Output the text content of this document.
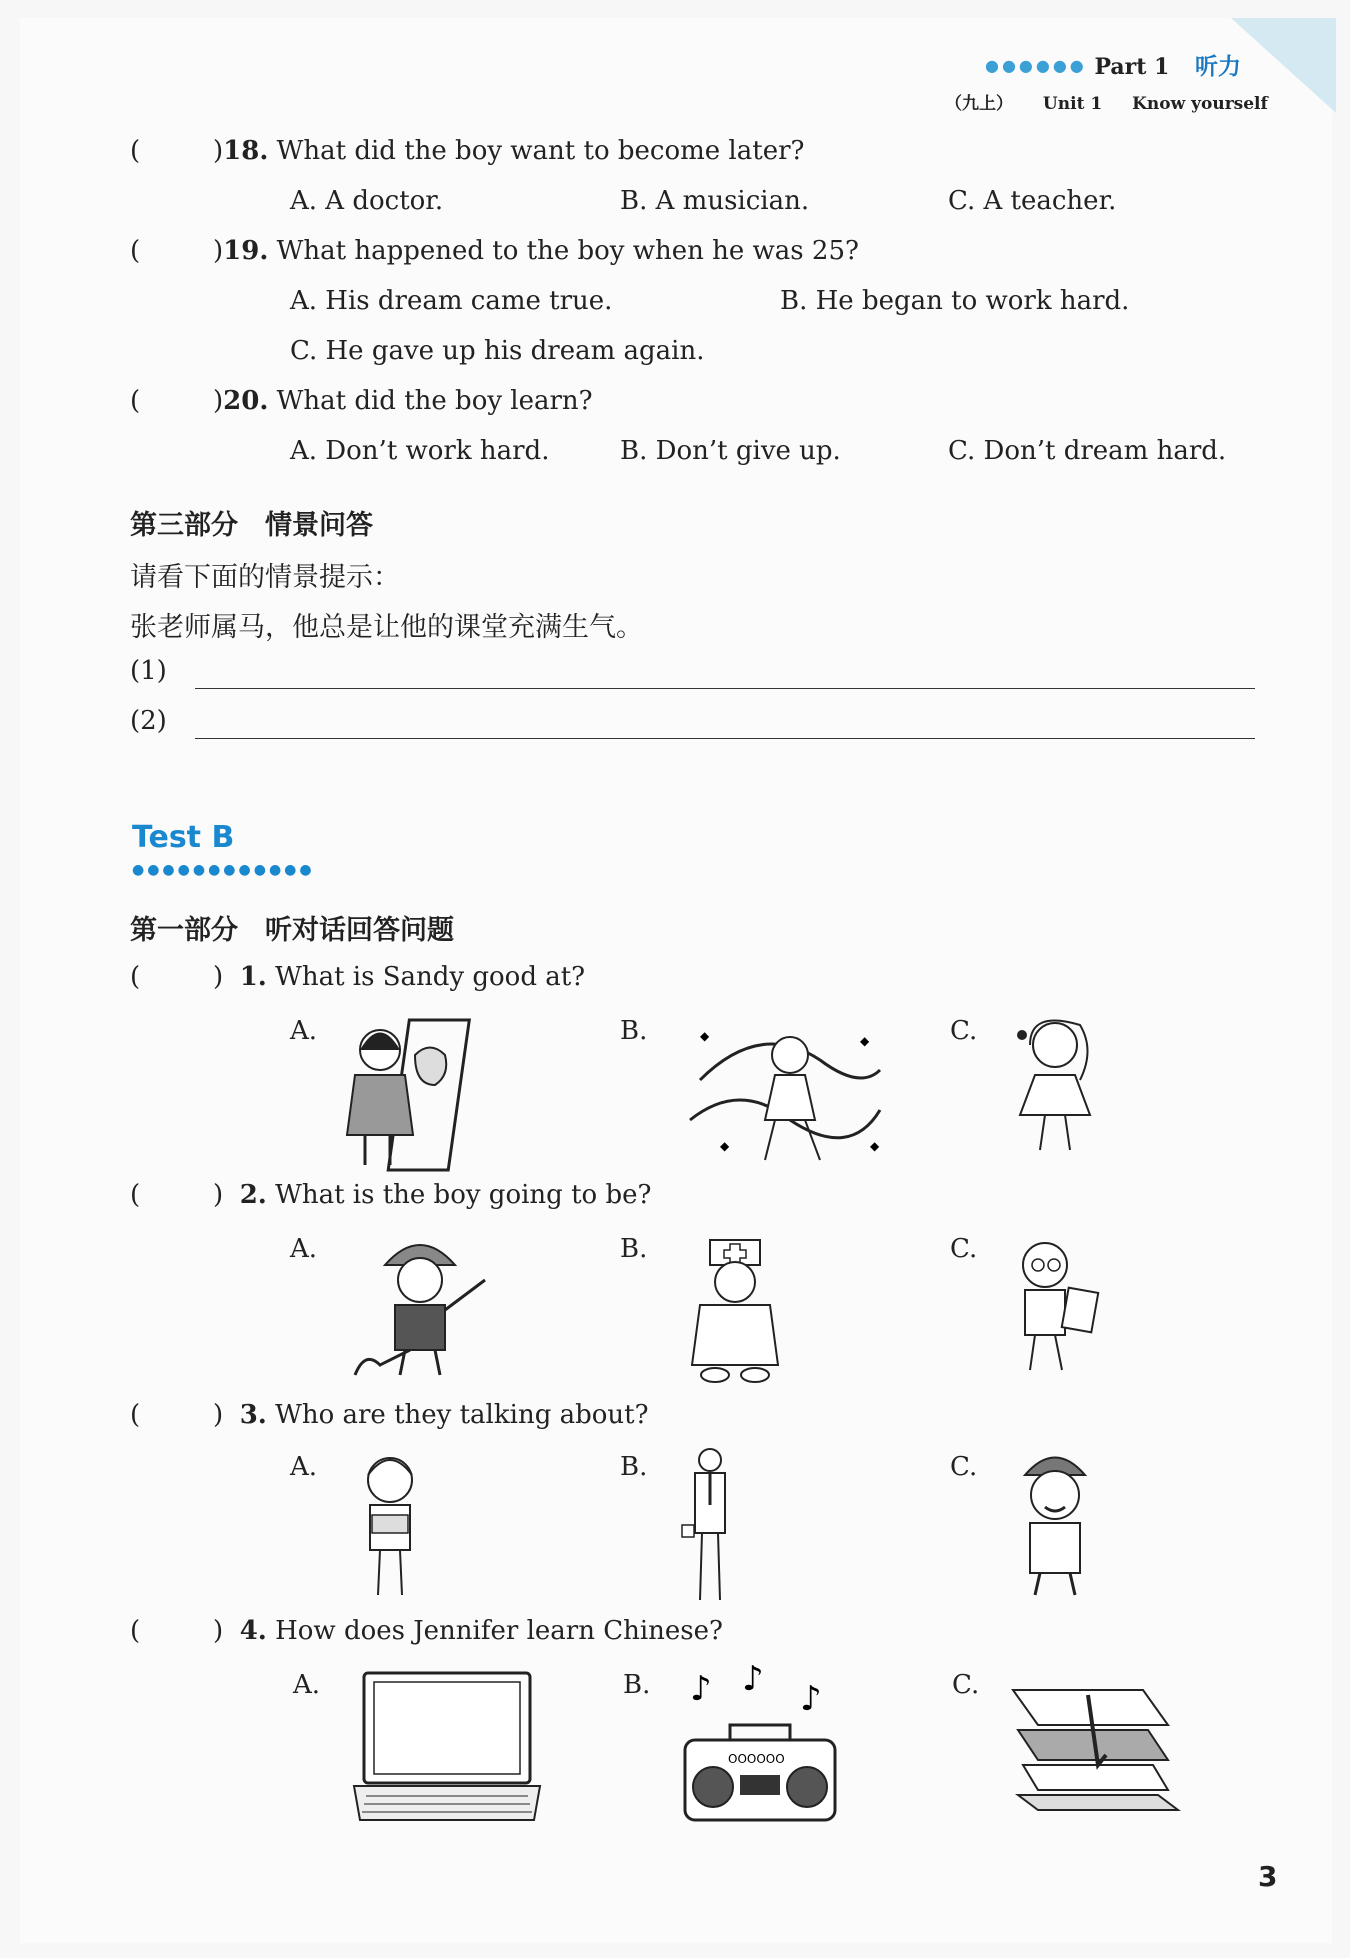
●●●●●● Part 1 听力
（九上） Unit 1 Know yourself
(	)18. What did the boy want to become later?
A. A doctor.	B. A musician.	C. A teacher.
(	)19. What happened to the boy when he was 25?
A. His dream came true.	B. He began to work hard.
C. He gave up his dream again.
(	)20. What did the boy learn?
A. Don’t work hard.	B. Don’t give up.	C. Don’t dream hard.
第三部分　情景问答
请看下面的情景提示：
张老师属马，他总是让他的课堂充满生气。
(1)
(2)
Test B
●●●●●●●●●●●●
第一部分　听对话回答问题
(	) 1. What is Sandy good at?
A.	B.	C.
◆	◆
◆	◆
(	) 2. What is the boy going to be?
A.	B.	C.
(	) 3. Who are they talking about?
A.	B.	C.
(	) 4. How does Jennifer learn Chinese?
A.	B.	C.
♪ ♪ ♪
OOOOOO
3
